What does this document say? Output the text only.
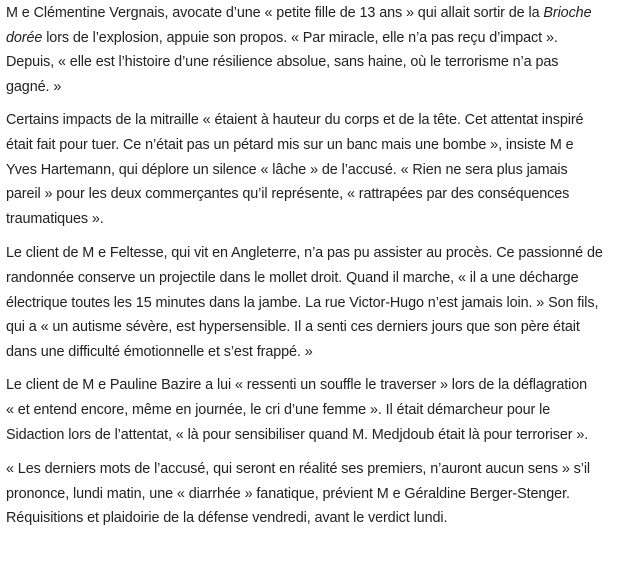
M e Clémentine Vergnais, avocate d’une « petite fille de 13 ans » qui allait sortir de la Brioche
dorée lors de l’explosion, appuie son propos. « Par miracle, elle n’a pas reçu d’impact ».
Depuis, « elle est l’histoire d’une résilience absolue, sans haine, où le terrorisme n’a pas
gagné. »

Certains impacts de la mitraille « étaient à hauteur du corps et de la tête. Cet attentat inspiré
était fait pour tuer. Ce n’était pas un pétard mis sur un banc mais une bombe », insiste M e
Yves Hartemann, qui déplore un silence « lâche » de l’accusé. « Rien ne sera plus jamais
pareil » pour les deux commerçantes qu’il représente, « rattrapées par des conséquences
traumatiques ».

Le client de M e Feltesse, qui vit en Angleterre, n’a pas pu assister au procès. Ce passionné de
randonnée conserve un projectile dans le mollet droit. Quand il marche, « il a une décharge
électrique toutes les 15 minutes dans la jambe. La rue Victor-Hugo n’est jamais loin. » Son fils,
qui a « un autisme sévère, est hypersensible. Il a senti ces derniers jours que son père était
dans une difficulté émotionnelle et s’est frappé. »

Le client de M e Pauline Bazire a lui « ressenti un souffle le traverser » lors de la déflagration
« et entend encore, même en journée, le cri d’une femme ». Il était démarcheur pour le
Sidaction lors de l’attentat, « là pour sensibiliser quand M. Medjdoub était là pour terroriser ».

« Les derniers mots de l’accusé, qui seront en réalité ses premiers, n’auront aucun sens » s’il
prononce, lundi matin, une « diarrhée » fanatique, prévient M e Géraldine Berger-Stenger.
Réquisitions et plaidoirie de la défense vendredi, avant le verdict lundi.
